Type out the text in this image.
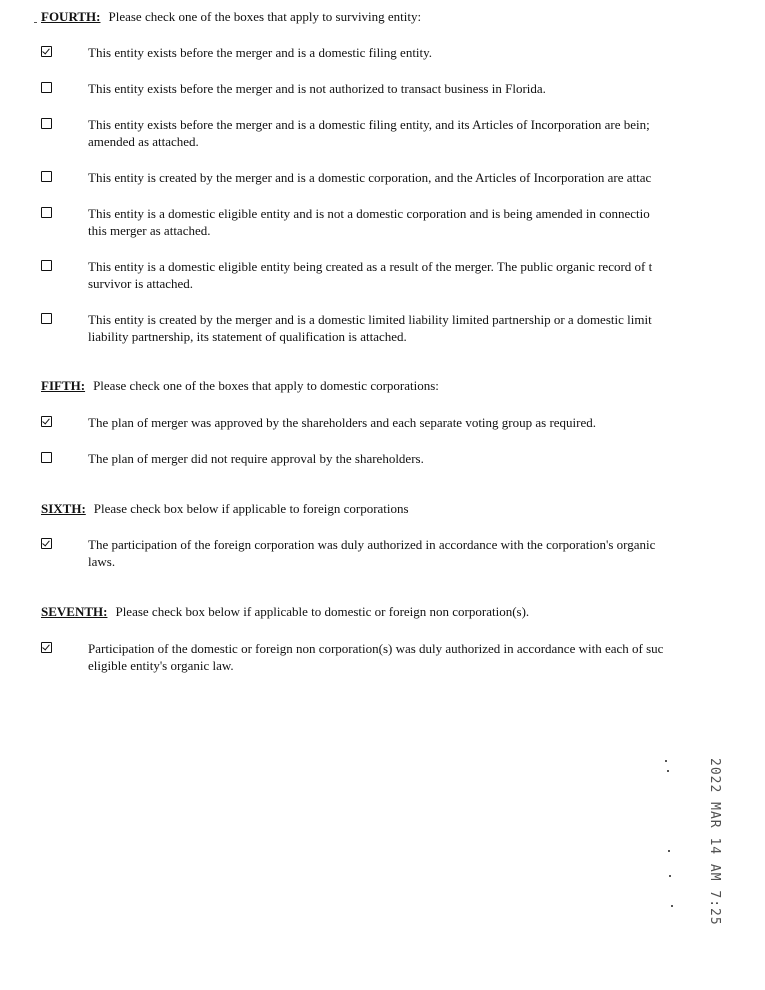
FOURTH: Please check one of the boxes that apply to surviving entity:
This entity exists before the merger and is a domestic filing entity.
This entity exists before the merger and is not authorized to transact business in Florida.
This entity exists before the merger and is a domestic filing entity, and its Articles of Incorporation are bein;
amended as attached.
This entity is created by the merger and is a domestic corporation, and the Articles of Incorporation are attac
This entity is a domestic eligible entity and is not a domestic corporation and is being amended in connectio
this merger as attached.
This entity is a domestic eligible entity being created as a result of the merger. The public organic record of t
survivor is attached.
This entity is created by the merger and is a domestic limited liability limited partnership or a domestic limit
liability partnership, its statement of qualification is attached.
FIFTH: Please check one of the boxes that apply to domestic corporations:
The plan of merger was approved by the shareholders and each separate voting group as required.
The plan of merger did not require approval by the shareholders.
SIXTH: Please check box below if applicable to foreign corporations
The participation of the foreign corporation was duly authorized in accordance with the corporation's organic
laws.
SEVENTH: Please check box below if applicable to domestic or foreign non corporation(s).
Participation of the domestic or foreign non corporation(s) was duly authorized in accordance with each of suc
eligible entity's organic law.
2022 MAR 14 AM 7:25
